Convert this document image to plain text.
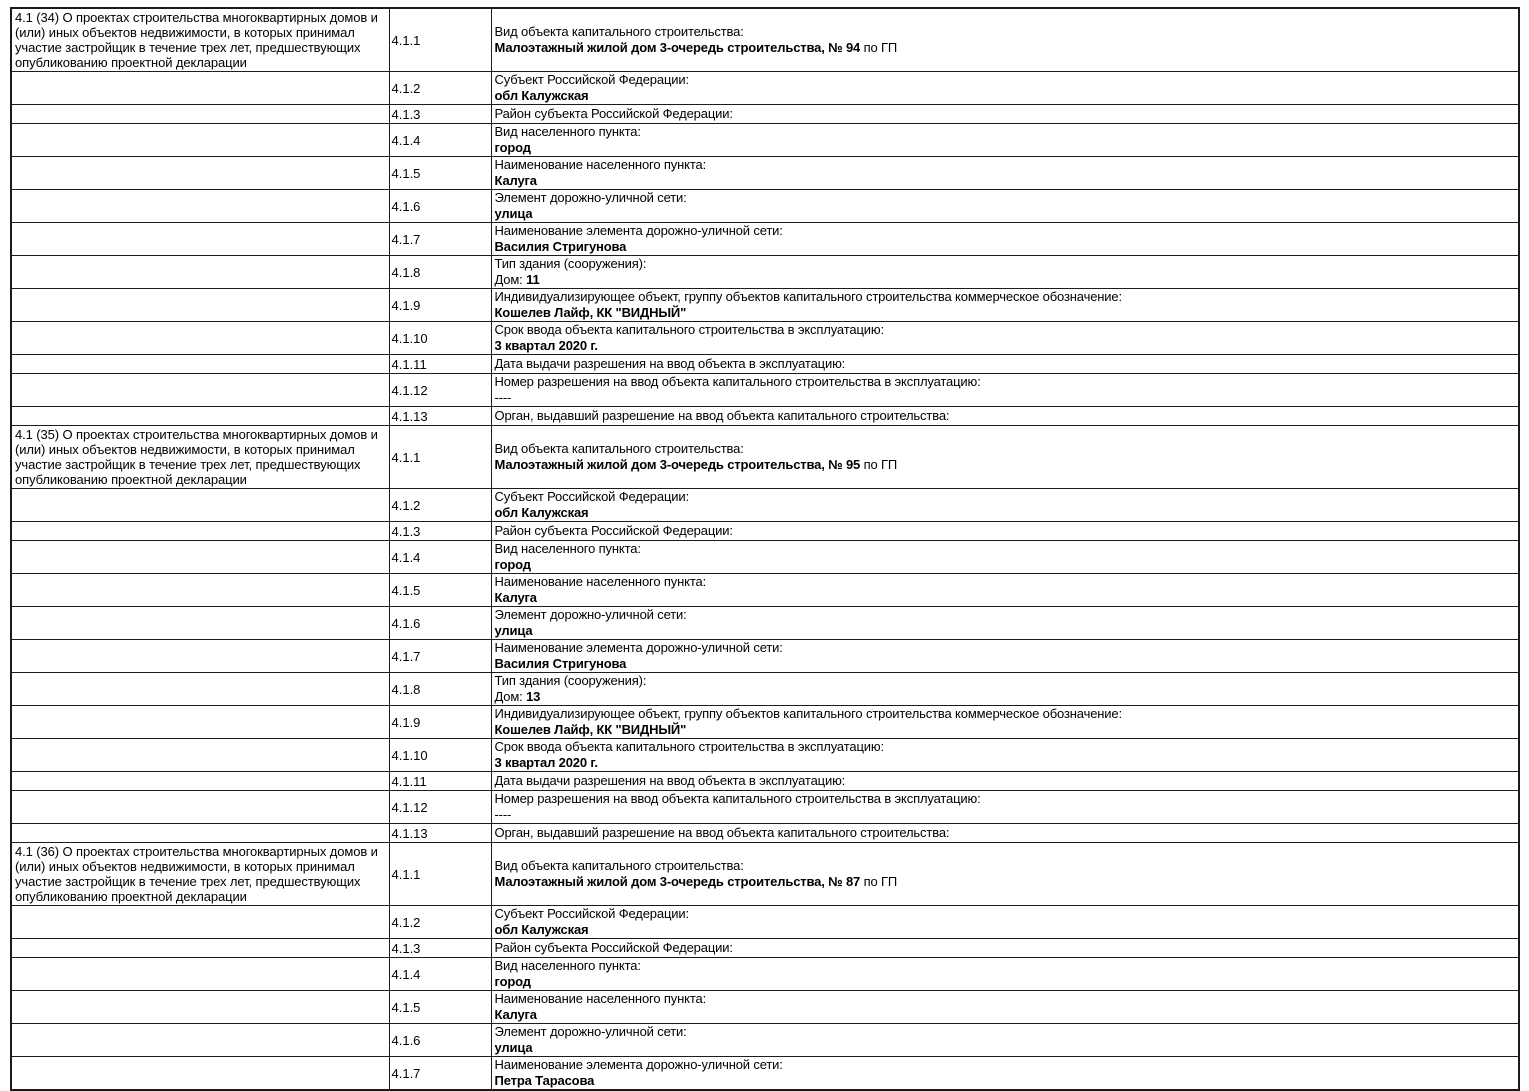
4.1 (34) О проектах строительства многоквартирных домов и (или) иных объектов недвижимости, в которых принимал участие застройщик в течение трех лет, предшествующих опубликованию проектной декларации	4.1.1	Вид объекта капитального строительства:
Малоэтажный жилой дом 3-очередь строительства, № 94 по ГП

	4.1.2	Субъект Российской Федерации:
обл Калужская

	4.1.3	Район субъекта Российской Федерации:

	4.1.4	Вид населенного пункта:
город

	4.1.5	Наименование населенного пункта:
Калуга

	4.1.6	Элемент дорожно-уличной сети:
улица

	4.1.7	Наименование элемента дорожно-уличной сети:
Василия Стригунова

	4.1.8	Тип здания (сооружения):
Дом: 11

	4.1.9	Индивидуализирующее объект, группу объектов капитального строительства коммерческое обозначение:
Кошелев Лайф, КК "ВИДНЫЙ"

	4.1.10	Срок ввода объекта капитального строительства в эксплуатацию:
3 квартал 2020 г.

	4.1.11	Дата выдачи разрешения на ввод объекта в эксплуатацию:

	4.1.12	Номер разрешения на ввод объекта капитального строительства в эксплуатацию:
----

	4.1.13	Орган, выдавший разрешение на ввод объекта капитального строительства:

4.1 (35) О проектах строительства многоквартирных домов и (или) иных объектов недвижимости, в которых принимал участие застройщик в течение трех лет, предшествующих опубликованию проектной декларации	4.1.1	Вид объекта капитального строительства:
Малоэтажный жилой дом 3-очередь строительства, № 95 по ГП

	4.1.2	Субъект Российской Федерации:
обл Калужская

	4.1.3	Район субъекта Российской Федерации:

	4.1.4	Вид населенного пункта:
город

	4.1.5	Наименование населенного пункта:
Калуга

	4.1.6	Элемент дорожно-уличной сети:
улица

	4.1.7	Наименование элемента дорожно-уличной сети:
Василия Стригунова

	4.1.8	Тип здания (сооружения):
Дом: 13

	4.1.9	Индивидуализирующее объект, группу объектов капитального строительства коммерческое обозначение:
Кошелев Лайф, КК "ВИДНЫЙ"

	4.1.10	Срок ввода объекта капитального строительства в эксплуатацию:
3 квартал 2020 г.

	4.1.11	Дата выдачи разрешения на ввод объекта в эксплуатацию:

	4.1.12	Номер разрешения на ввод объекта капитального строительства в эксплуатацию:
----

	4.1.13	Орган, выдавший разрешение на ввод объекта капитального строительства:

4.1 (36) О проектах строительства многоквартирных домов и (или) иных объектов недвижимости, в которых принимал участие застройщик в течение трех лет, предшествующих опубликованию проектной декларации	4.1.1	Вид объекта капитального строительства:
Малоэтажный жилой дом 3-очередь строительства, № 87 по ГП

	4.1.2	Субъект Российской Федерации:
обл Калужская

	4.1.3	Район субъекта Российской Федерации:

	4.1.4	Вид населенного пункта:
город

	4.1.5	Наименование населенного пункта:
Калуга

	4.1.6	Элемент дорожно-уличной сети:
улица

	4.1.7	Наименование элемента дорожно-уличной сети:
Петра Тарасова
